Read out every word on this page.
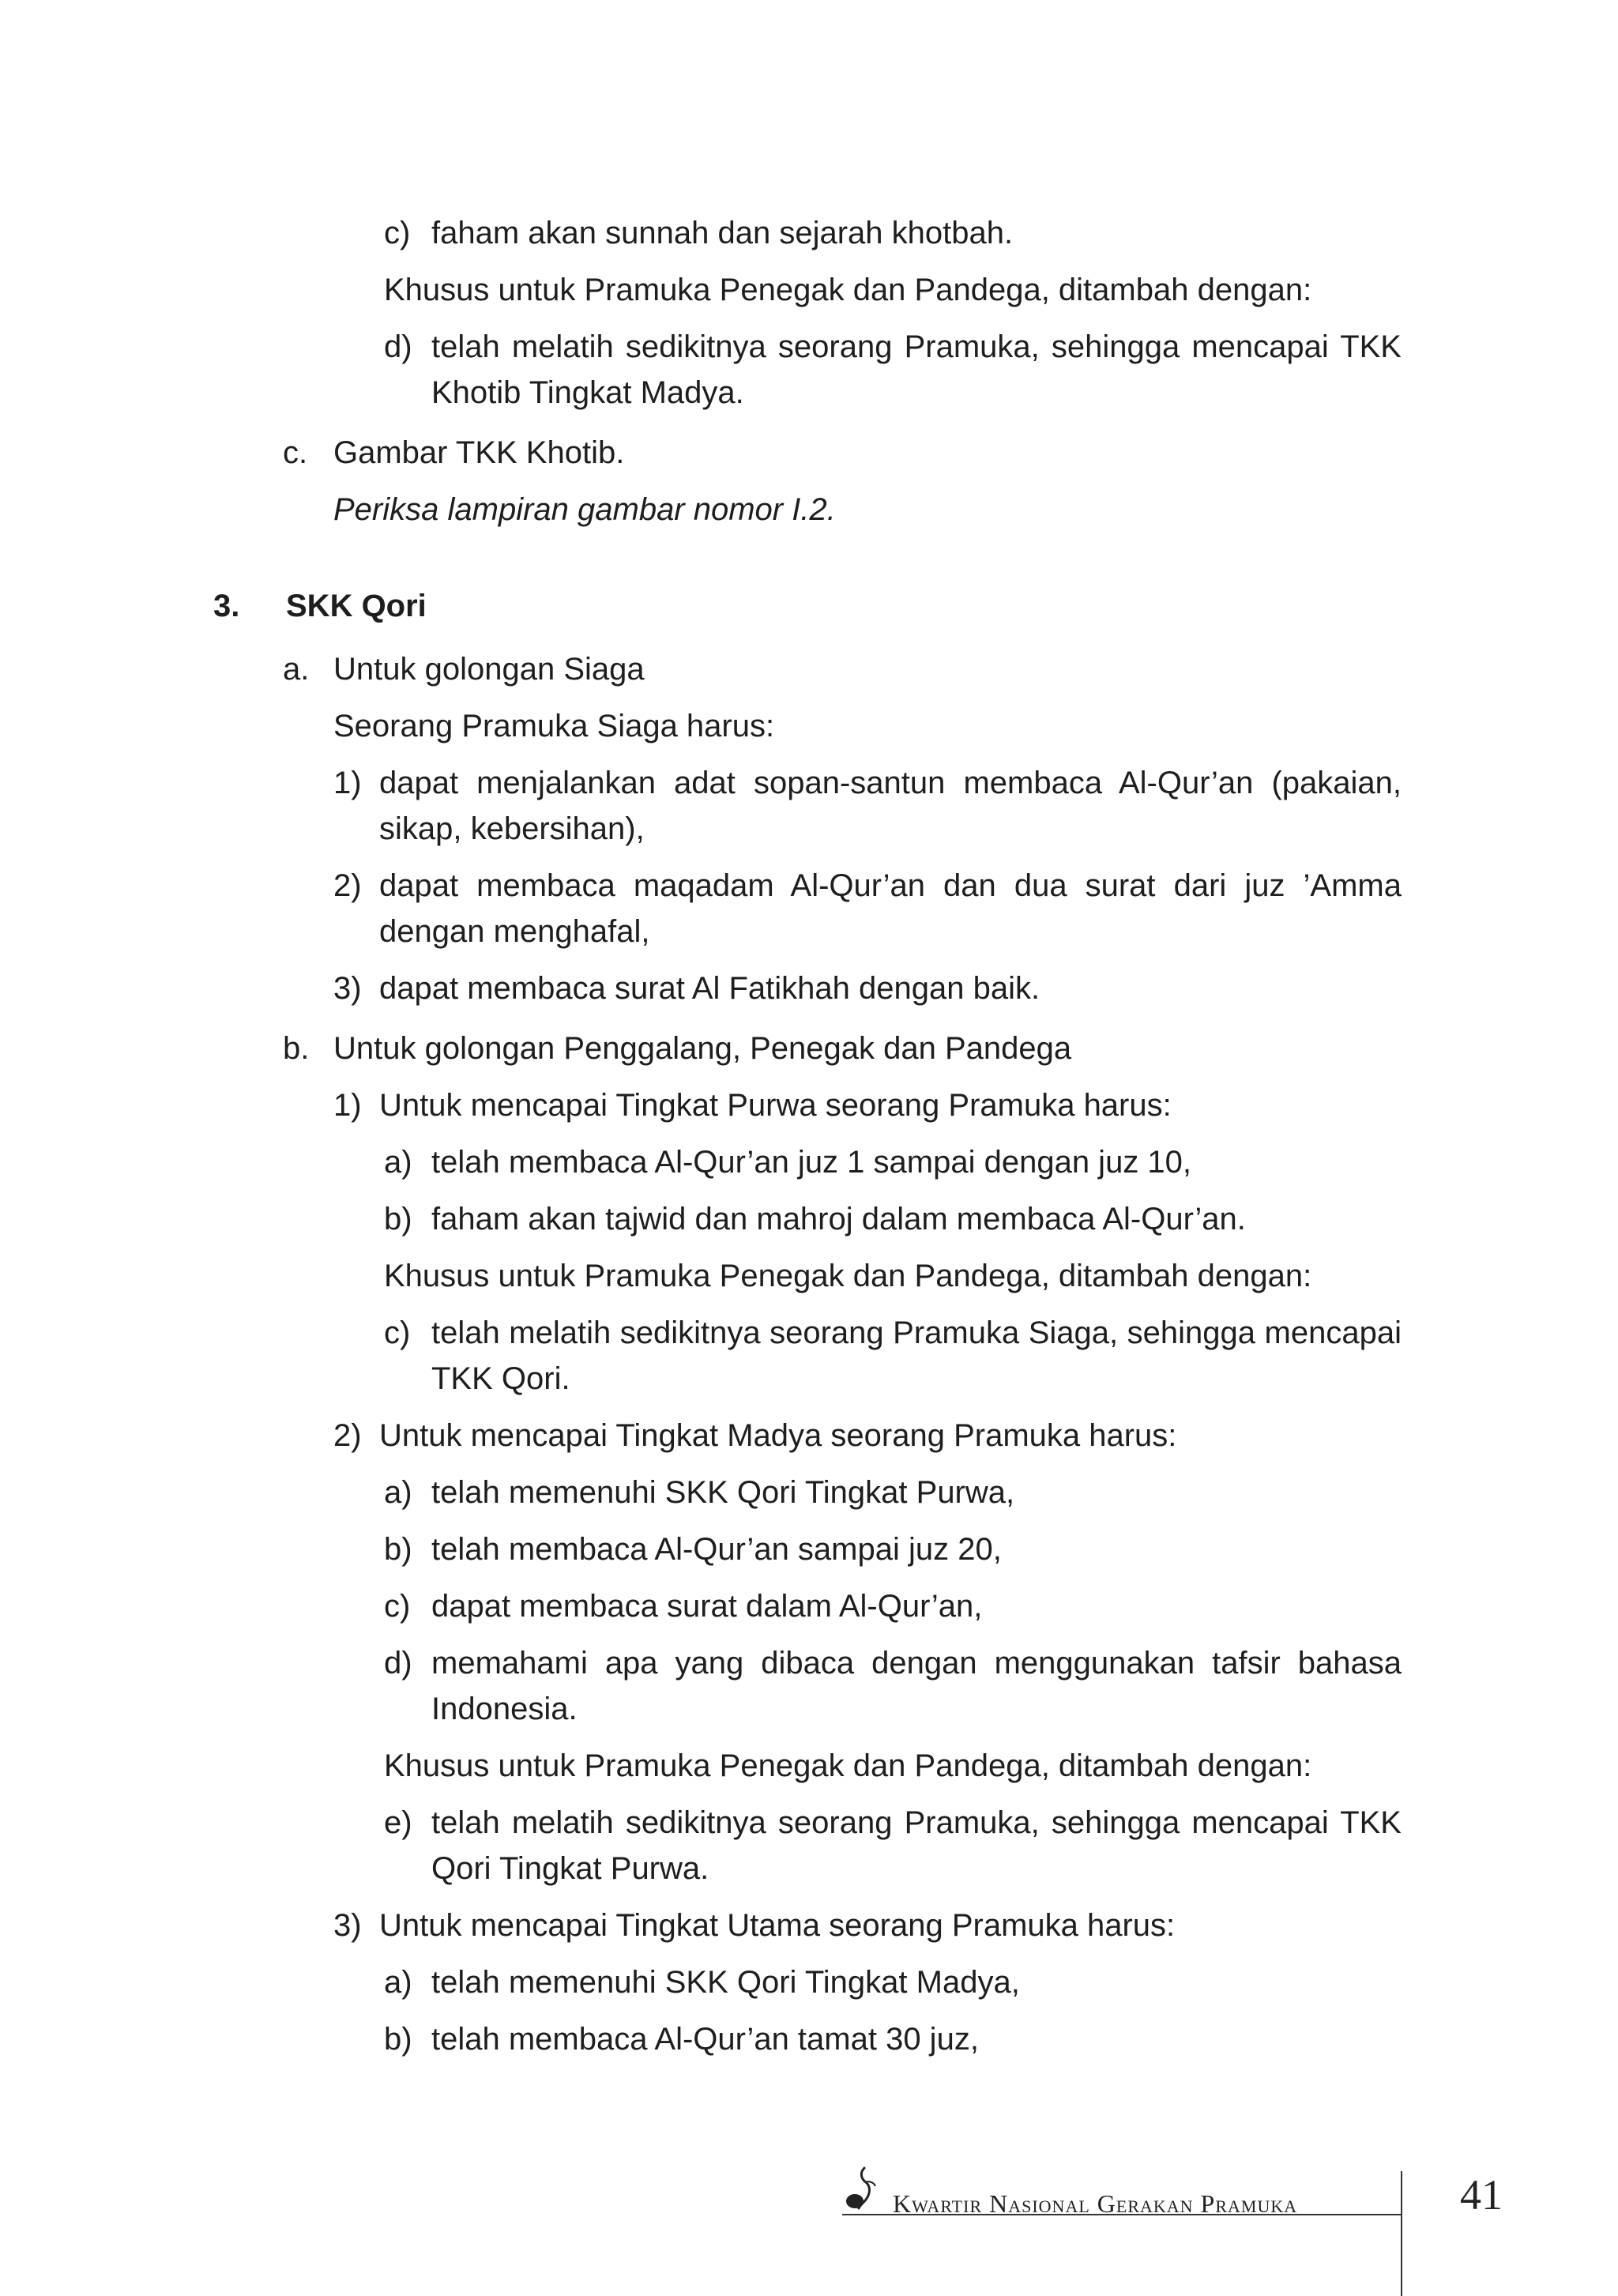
c) faham akan sunnah dan sejarah khotbah.
Khusus untuk Pramuka Penegak dan Pandega, ditambah dengan:
d) telah melatih sedikitnya seorang Pramuka, sehingga mencapai TKK Khotib Tingkat Madya.
c. Gambar TKK Khotib.
Periksa lampiran gambar nomor I.2.
3.	SKK Qori
a. Untuk golongan Siaga
Seorang Pramuka Siaga harus:
1) dapat menjalankan adat sopan-santun membaca Al-Qur’an (pakaian, sikap, kebersihan),
2) dapat membaca maqadam Al-Qur’an dan dua surat dari juz ’Amma dengan menghafal,
3) dapat membaca surat Al Fatikhah dengan baik.
b. Untuk golongan Penggalang, Penegak dan Pandega
1) Untuk mencapai Tingkat Purwa seorang Pramuka harus:
a) telah membaca Al-Qur’an juz 1 sampai dengan juz 10,
b) faham akan tajwid dan mahroj dalam membaca Al-Qur’an.
Khusus untuk Pramuka Penegak dan Pandega, ditambah dengan:
c) telah melatih sedikitnya seorang Pramuka Siaga, sehingga mencapai TKK Qori.
2) Untuk mencapai Tingkat Madya seorang Pramuka harus:
a) telah memenuhi SKK Qori Tingkat Purwa,
b) telah membaca Al-Qur’an sampai juz 20,
c) dapat membaca surat dalam Al-Qur’an,
d) memahami apa yang dibaca dengan menggunakan tafsir bahasa Indonesia.
Khusus untuk Pramuka Penegak dan Pandega, ditambah dengan:
e) telah melatih sedikitnya seorang Pramuka, sehingga mencapai TKK Qori Tingkat Purwa.
3) Untuk mencapai Tingkat Utama seorang Pramuka harus:
a) telah memenuhi SKK Qori Tingkat Madya,
b) telah membaca Al-Qur’an tamat 30 juz,
Kwartir Nasional Gerakan Pramuka	41
